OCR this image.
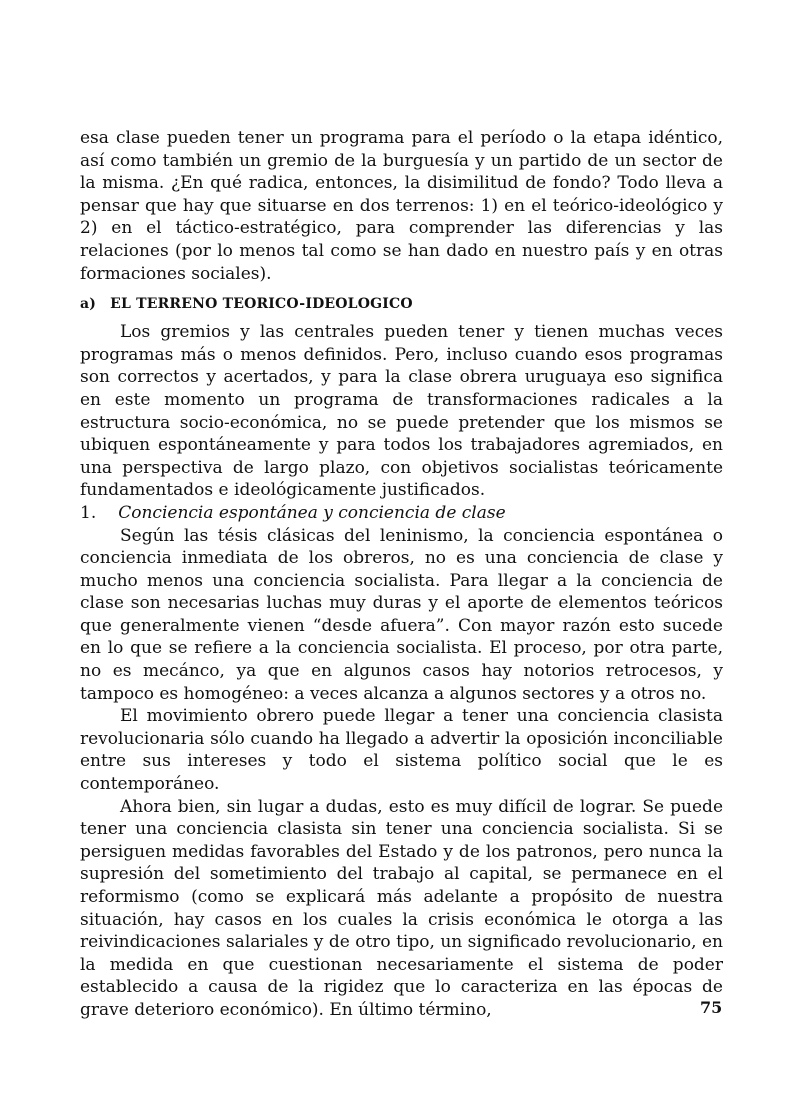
esa clase pueden tener un programa para el período o la etapa idéntico, así como también un gremio de la burguesía y un partido de un sector de la misma. ¿En qué radica, entonces, la disimilitud de fondo? Todo lleva a pensar que hay que situarse en dos terrenos: 1) en el teórico-ideológico y 2) en el táctico-estratégico, para comprender las diferencias y las relaciones (por lo menos tal como se han dado en nuestro país y en otras formaciones sociales).

a) EL TERRENO TEORICO-IDEOLOGICO

Los gremios y las centrales pueden tener y tienen muchas veces programas más o menos definidos. Pero, incluso cuando esos programas son correctos y acertados, y para la clase obrera uruguaya eso significa en este momento un programa de transformaciones radicales a la estructura socio-económica, no se puede pretender que los mismos se ubiquen espontáneamente y para todos los trabajadores agremiados, en una perspectiva de largo plazo, con objetivos socialistas teóricamente fundamentados e ideológicamente justificados.

1. Conciencia espontánea y conciencia de clase

Según las tésis clásicas del leninismo, la conciencia espontánea o conciencia inmediata de los obreros, no es una conciencia de clase y mucho menos una conciencia socialista. Para llegar a la conciencia de clase son necesarias luchas muy duras y el aporte de elementos teóricos que generalmente vienen “desde afuera”. Con mayor razón esto sucede en lo que se refiere a la conciencia socialista. El proceso, por otra parte, no es mecánco, ya que en algunos casos hay notorios retrocesos, y tampoco es homogéneo: a veces alcanza a algunos sectores y a otros no.

El movimiento obrero puede llegar a tener una conciencia clasista revolucionaria sólo cuando ha llegado a advertir la oposición inconciliable entre sus intereses y todo el sistema político social que le es contemporáneo.

Ahora bien, sin lugar a dudas, esto es muy difícil de lograr. Se puede tener una conciencia clasista sin tener una conciencia socialista. Si se persiguen medidas favorables del Estado y de los patronos, pero nunca la supresión del sometimiento del trabajo al capital, se permanece en el reformismo (como se explicará más adelante a propósito de nuestra situación, hay casos en los cuales la crisis económica le otorga a las reivindicaciones salariales y de otro tipo, un significado revolucionario, en la medida en que cuestionan necesariamente el sistema de poder establecido a causa de la rigidez que lo caracteriza en las épocas de grave deterioro económico). En último término,	75
